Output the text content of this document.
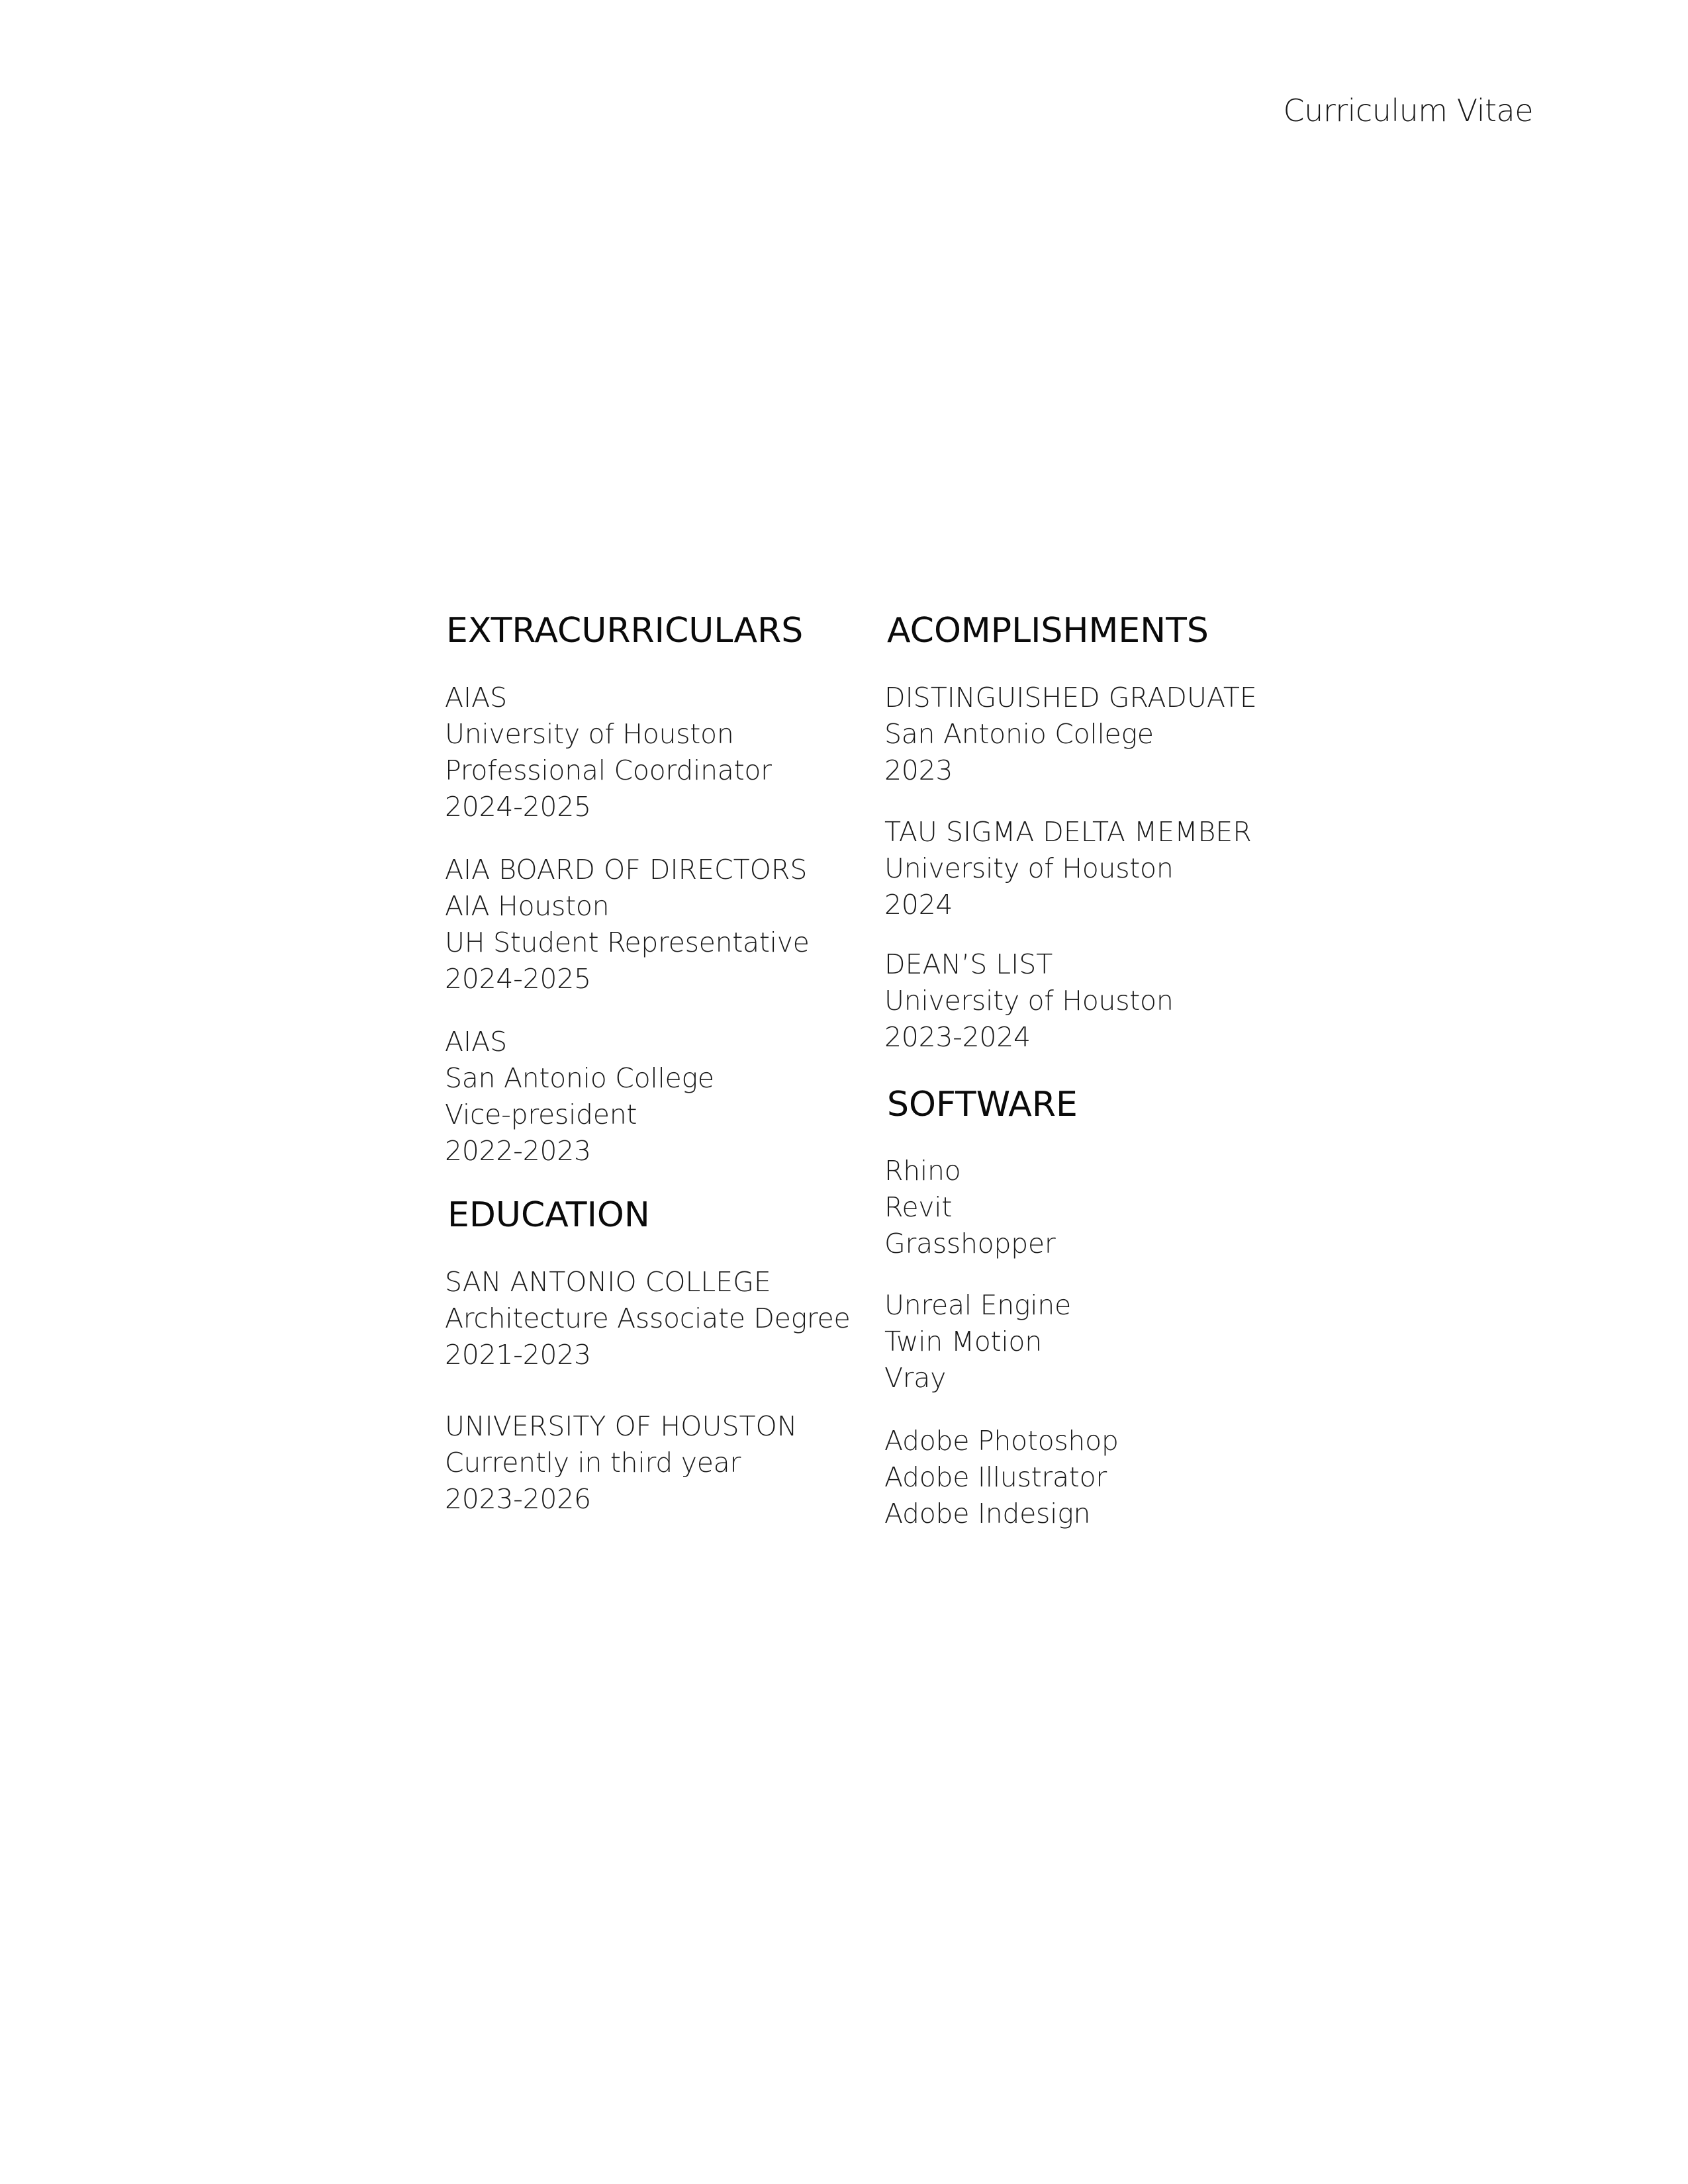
Curriculum Vitae
EXTRACURRICULARS
AIAS
University of Houston
Professional Coordinator
2024-2025
AIA BOARD OF DIRECTORS
AIA Houston
UH Student Representative
2024-2025
AIAS
San Antonio College
Vice-president
2022-2023
EDUCATION
SAN ANTONIO COLLEGE
Architecture Associate Degree
2021-2023
UNIVERSITY OF HOUSTON
Currently in third year
2023-2026
ACOMPLISHMENTS
DISTINGUISHED GRADUATE
San Antonio College
2023
TAU SIGMA DELTA MEMBER
University of Houston
2024
DEAN’S LIST
University of Houston
2023-2024
SOFTWARE
Rhino
Revit
Grasshopper
Unreal Engine
Twin Motion
Vray
Adobe Photoshop
Adobe Illustrator
Adobe Indesign
